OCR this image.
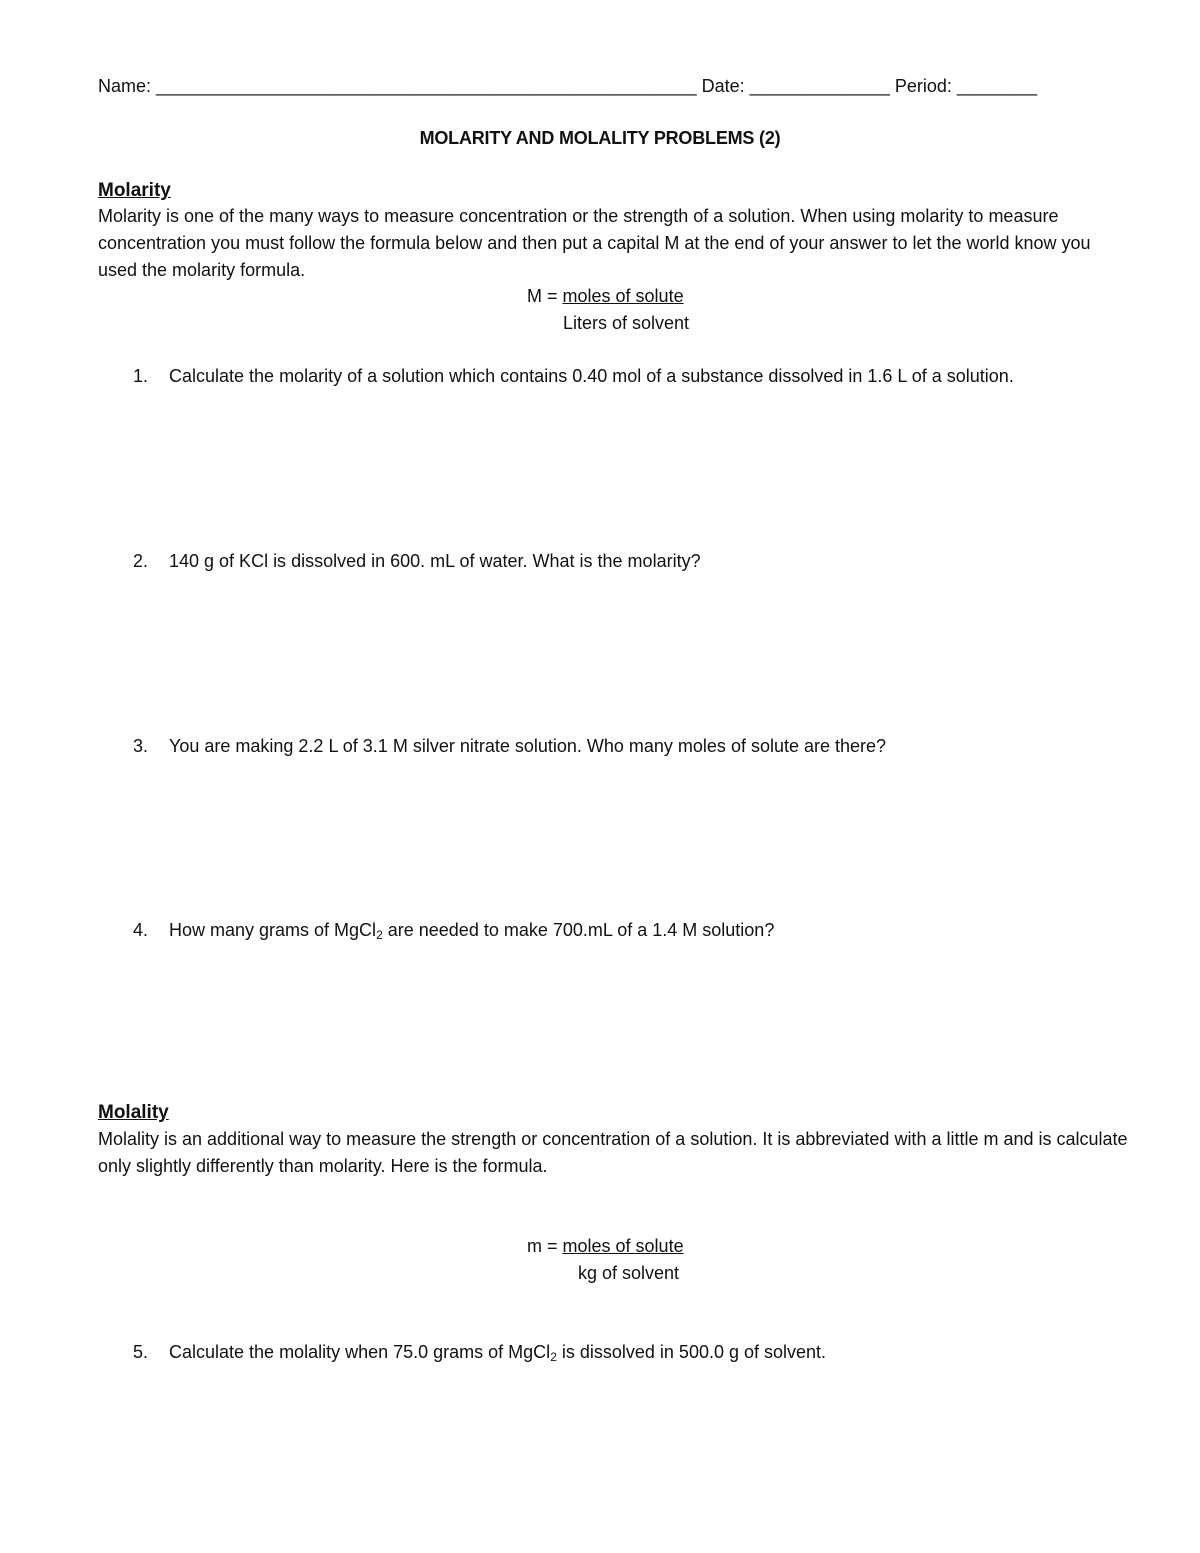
Name: ______________________________________________________ Date: ______________ Period: ________
MOLARITY AND MOLALITY PROBLEMS (2)
Molarity

Molarity is one of the many ways to measure concentration or the strength of a solution. When using molarity to measure concentration you must follow the formula below and then put a capital M at the end of your answer to let the world know you used the molarity formula.

M = moles of solute
Liters of solvent
1. Calculate the molarity of a solution which contains 0.40 mol of a substance dissolved in 1.6 L of a solution.
2. 140 g of KCl is dissolved in 600. mL of water. What is the molarity?
3. You are making 2.2 L of 3.1 M silver nitrate solution. Who many moles of solute are there?
4. How many grams of MgCl$_2$ are needed to make 700.mL of a 1.4 M solution?
Molality

Molality is an additional way to measure the strength or concentration of a solution. It is abbreviated with a little m and is calculate only slightly differently than molarity. Here is the formula.

m = moles of solute
kg of solvent
5. Calculate the molality when 75.0 grams of MgCl$_2$ is dissolved in 500.0 g of solvent.
